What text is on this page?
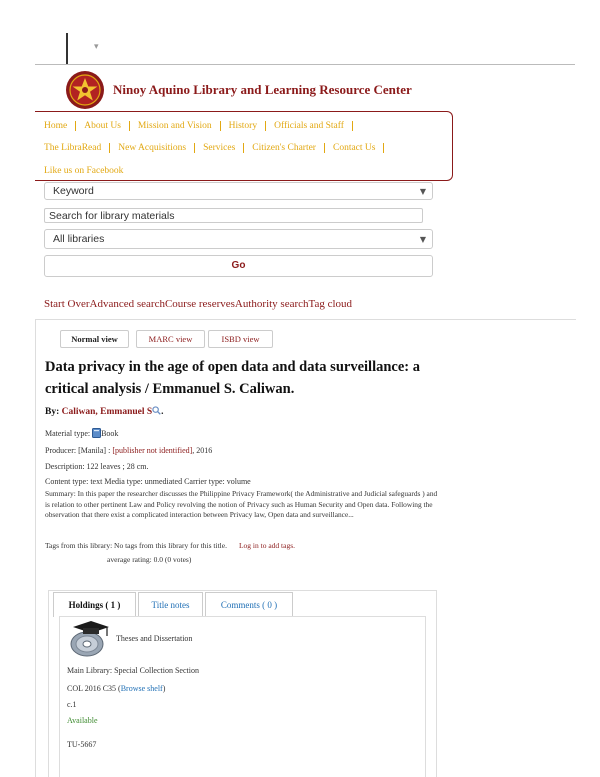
▾
Ninoy Aquino Library and Learning Resource Center
Home About Us Mission and Vision History Officials and Staff
The LibraRead New Acquisitions Services Citizen's Charter Contact Us
Like us on Facebook
Keyword	▼
Search for library materials
All libraries	▼
Go
Start OverAdvanced searchCourse reservesAuthority searchTag cloud
Normal view	MARC view	ISBD view
Data privacy in the age of open data and data surveillance: a critical analysis / Emmanuel S. Caliwan.
By: Caliwan, Emmanuel S .
Material type: Book
Producer: [Manila] : [publisher not identified], 2016
Description: 122 leaves ; 28 cm.
Content type: text Media type: unmediated Carrier type: volume
Summary: In this paper the researcher discusses the Philippine Privacy Framework( the Administrative and Judicial safeguards ) and is relation to other pertinent Law and Policy revolving the notion of Privacy such as Human Security and Open data. Following the observation that there exist a complicated interaction between Privacy law, Open data and surveillance...
Tags from this library: No tags from this library for this title. Log in to add tags.
average rating: 0.0 (0 votes)
Holdings ( 1 )	Title notes	Comments ( 0 )
Theses and Dissertation
Main Library: Special Collection Section
COL 2016 C35 (Browse shelf)
c.1
Available
TU-5667
